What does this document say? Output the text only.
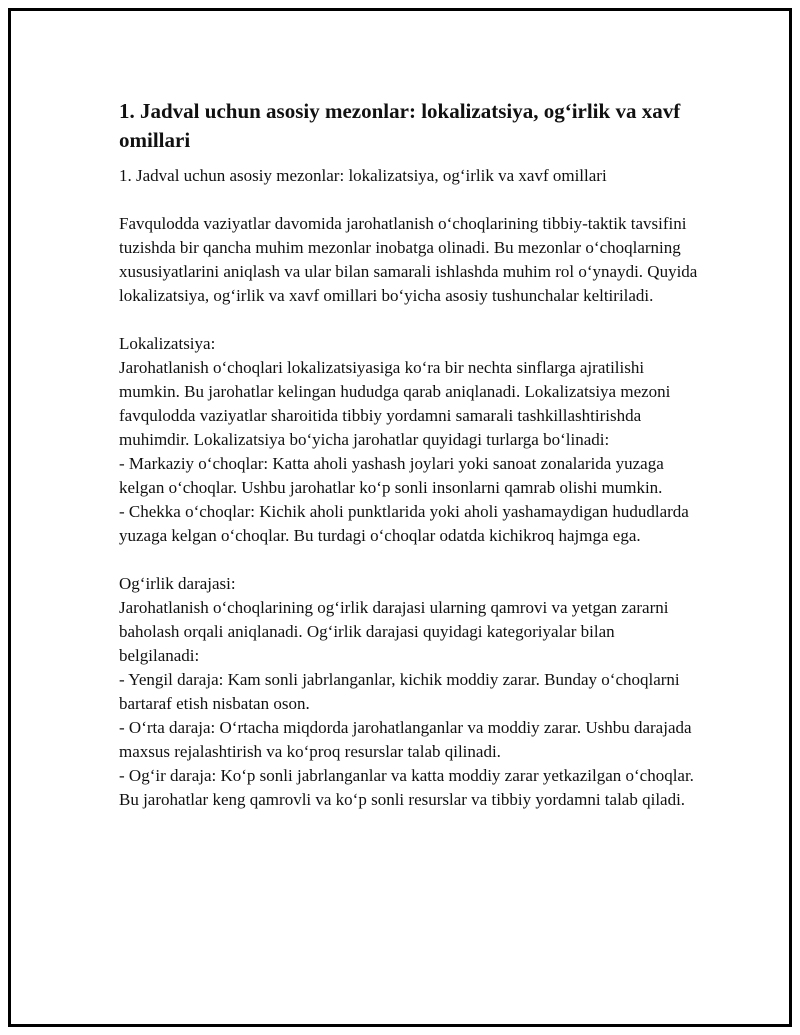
1. Jadval uchun asosiy mezonlar: lokalizatsiya, og‘irlik va xavf omillari

1. Jadval uchun asosiy mezonlar: lokalizatsiya, og‘irlik va xavf omillari

Favqulodda vaziyatlar davomida jarohatlanish o‘choqlarining tibbiy-taktik tavsifini tuzishda bir qancha muhim mezonlar inobatga olinadi. Bu mezonlar o‘choqlarning xususiyatlarini aniqlash va ular bilan samarali ishlashda muhim rol o‘ynaydi. Quyida lokalizatsiya, og‘irlik va xavf omillari bo‘yicha asosiy tushunchalar keltiriladi.

Lokalizatsiya:

Jarohatlanish o‘choqlari lokalizatsiyasiga ko‘ra bir nechta sinflarga ajratilishi mumkin. Bu jarohatlar kelingan hududga qarab aniqlanadi. Lokalizatsiya mezoni favqulodda vaziyatlar sharoitida tibbiy yordamni samarali tashkillashtirishda muhimdir. Lokalizatsiya bo‘yicha jarohatlar quyidagi turlarga bo‘linadi:

- Markaziy o‘choqlar: Katta aholi yashash joylari yoki sanoat zonalarida yuzaga kelgan o‘choqlar. Ushbu jarohatlar ko‘p sonli insonlarni qamrab olishi mumkin.

- Chekka o‘choqlar: Kichik aholi punktlarida yoki aholi yashamaydigan hududlarda yuzaga kelgan o‘choqlar. Bu turdagi o‘choqlar odatda kichikroq hajmga ega.

Og‘irlik darajasi:

Jarohatlanish o‘choqlarining og‘irlik darajasi ularning qamrovi va yetgan zararni baholash orqali aniqlanadi. Og‘irlik darajasi quyidagi kategoriyalar bilan belgilanadi:

- Yengil daraja: Kam sonli jabrlanganlar, kichik moddiy zarar. Bunday o‘choqlarni bartaraf etish nisbatan oson.

- O‘rta daraja: O‘rtacha miqdorda jarohatlanganlar va moddiy zarar. Ushbu darajada maxsus rejalashtirish va ko‘proq resurslar talab qilinadi.

- Og‘ir daraja: Ko‘p sonli jabrlanganlar va katta moddiy zarar yetkazilgan o‘choqlar. Bu jarohatlar keng qamrovli va ko‘p sonli resurslar va tibbiy yordamni talab qiladi.
